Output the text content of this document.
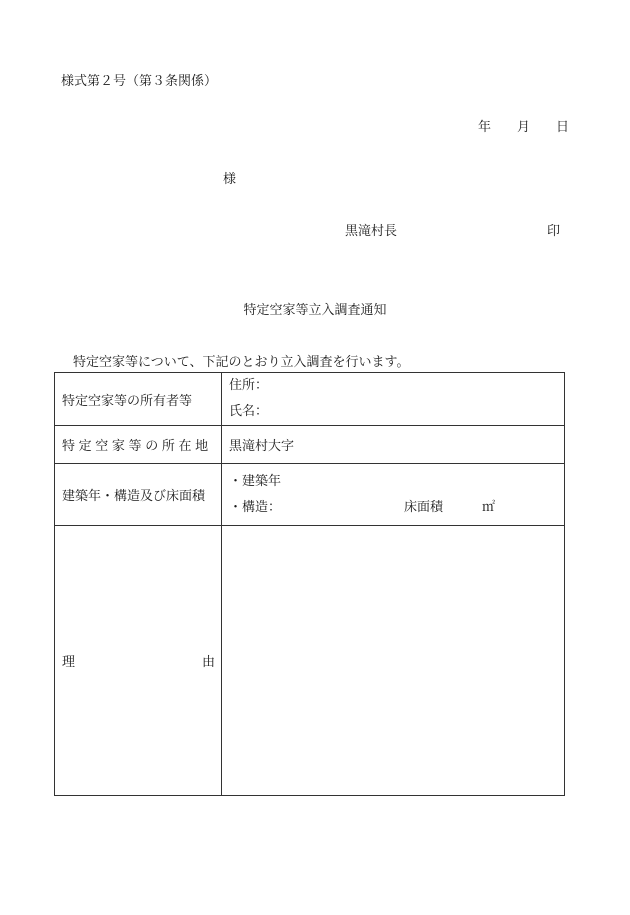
様式第２号（第３条関係）
年 月 日
様
黒滝村長	印
特定空家等立入調査通知
特定空家等について、下記のとおり立入調査を行います。
特定空家等の所有者等	住所：
氏名：

特定空家等の所在地	黒滝村大字
建築年・構造及び床面積	・建築年
・構造： 床面積 ㎡

理 由	
